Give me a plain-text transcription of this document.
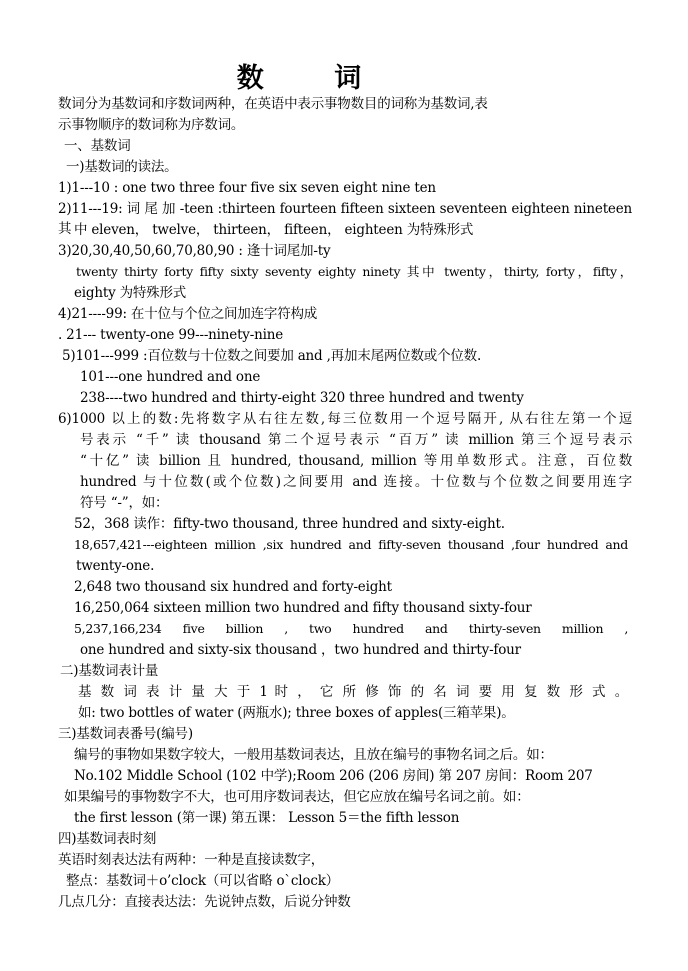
数      词
数词分为基数词和序数词两种，在英语中表示事物数目的词称为基数词,表
示事物顺序的数词称为序数词。
一、基数词
一)基数词的读法。
1)1---10 : one two three four five six seven eight nine ten
2)11---19: 词 尾 加 -teen :thirteen fourteen fifteen sixteen seventeen eighteen nineteen 其 中 eleven， twelve， thirteen， fifteen， eighteen 为特殊形式
3)20,30,40,50,60,70,80,90 : 逢十词尾加-ty
twenty thirty forty fifty sixty seventy eighty ninety 其中 twenty，thirty, forty，fifty，
eighty 为特殊形式
4)21----99: 在十位与个位之间加连字符构成
. 21--- twenty-one 99---ninety-nine
5)101---999 :百位数与十位数之间要加 and ,再加末尾两位数或个位数.
101---one hundred and one
238----two hundred and thirty-eight 320 three hundred and twenty
6)1000 以上的数:先将数字从右往左数,每三位数用一个逗号隔开, 从右往左第一个逗
号表示 “千” 读 thousand 第二个逗号表示 “百万” 读 million 第三个逗号表示
“十亿” 读 billion 且 hundred, thousand, million 等用单数形式。注意，百位数
hundred 与十位数(或个位数)之间要用 and 连接。十位数与个位数之间要用连字
符号 “-”，如：
52，368 读作：fifty-two thousand, three hundred and sixty-eight.
18,657,421---eighteen million ,six hundred and fifty-seven thousand ,four hundred and
twenty-one.
2,648 two thousand six hundred and forty-eight
16,250,064 sixteen million two hundred and fifty thousand sixty-four
5,237,166,234 five billion , two hundred and thirty-seven million ,
one hundred and sixty-six thousand ，two hundred and thirty-four
二)基数词表计量
基 数 词 表 计 量 大 于 1 时 ， 它 所 修 饰 的 名 词 要 用 复 数 形 式 。
如: two bottles of water (两瓶水); three boxes of apples(三箱苹果)。
三)基数词表番号(编号)
编号的事物如果数字较大，一般用基数词表达，且放在编号的事物名词之后。如：
No.102 Middle School (102 中学);Room 206 (206 房间) 第 207 房间：Room 207
如果编号的事物数字不大，也可用序数词表达，但它应放在编号名词之前。如：
the first lesson (第一课) 第五课： Lesson 5＝the fifth lesson
四)基数词表时刻
英语时刻表达法有两种：一种是直接读数字，
整点：基数词＋o’clock（可以省略 o`clock）
几点几分：直接表达法：先说钟点数，后说分钟数
